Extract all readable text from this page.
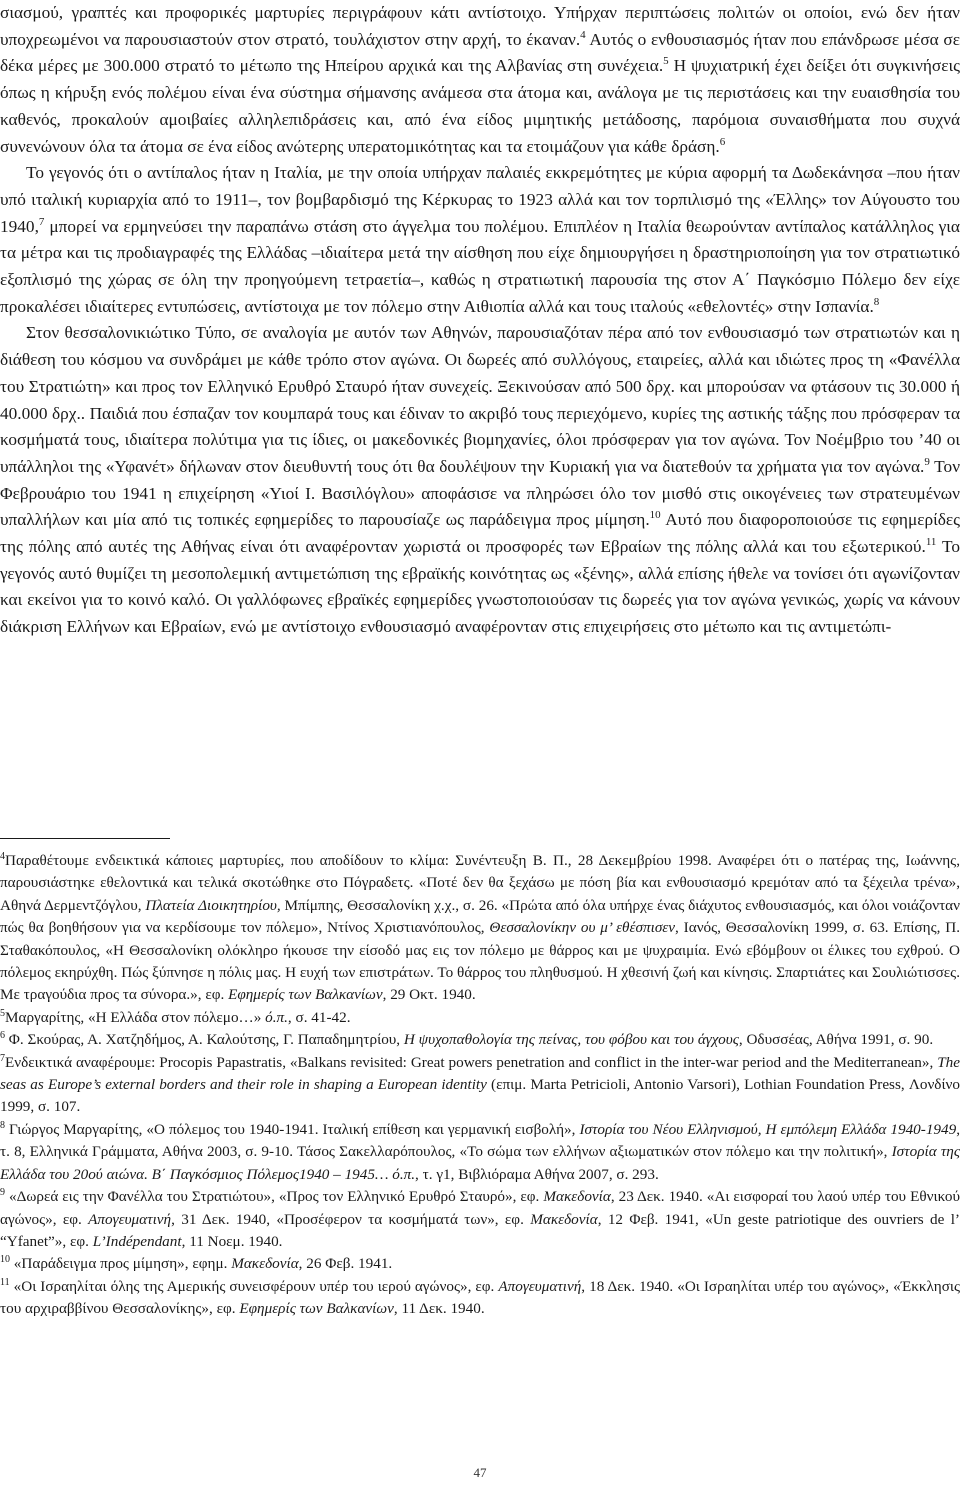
σιασμού, γραπτές και προφορικές μαρτυρίες περιγράφουν κάτι αντίστοιχο. Υπήρχαν περιπτώσεις πολιτών οι οποίοι, ενώ δεν ήταν υποχρεωμένοι να παρουσιαστούν στον στρατό, τουλάχιστον στην αρχή, το έκαναν.$^4$ Αυτός ο ενθουσιασμός ήταν που επάνδρωσε μέσα σε δέκα μέρες με 300.000 στρατό το μέτωπο της Ηπείρου αρχικά και της Αλβανίας στη συνέχεια.$^5$ Η ψυχιατρική έχει δείξει ότι συγκινήσεις όπως η κήρυξη ενός πολέμου είναι ένα σύστημα σήμανσης ανάμεσα στα άτομα και, ανάλογα με τις περιστάσεις και την ευαισθησία του καθενός, προκαλούν αμοιβαίες αλληλεπιδράσεις και, από ένα είδος μιμητικής μετάδοσης, παρόμοια συναισθήματα που συχνά συνενώνουν όλα τα άτομα σε ένα είδος ανώτερης υπερατομικότητας και τα ετοιμάζουν για κάθε δράση.$^6$

Το γεγονός ότι ο αντίπαλος ήταν η Ιταλία, με την οποία υπήρχαν παλαιές εκκρεμότητες με κύρια αφορμή τα Δωδεκάνησα –που ήταν υπό ιταλική κυριαρχία από το 1911–, τον βομβαρδισμό της Κέρκυρας το 1923 αλλά και τον τορπιλισμό της «Έλλης» τον Αύγουστο του 1940,$^7$ μπορεί να ερμηνεύσει την παραπάνω στάση στο άγγελμα του πολέμου. Επιπλέον η Ιταλία θεωρούνταν αντίπαλος κατάλληλος για τα μέτρα και τις προδιαγραφές της Ελλάδας –ιδιαίτερα μετά την αίσθηση που είχε δημιουργήσει η δραστηριοποίηση για τον στρατιωτικό εξοπλισμό της χώρας σε όλη την προηγούμενη τετραετία–, καθώς η στρατιωτική παρουσία της στον Α΄ Παγκόσμιο Πόλεμο δεν είχε προκαλέσει ιδιαίτερες εντυπώσεις, αντίστοιχα με τον πόλεμο στην Αιθιοπία αλλά και τους ιταλούς «εθελοντές» στην Ισπανία.$^8$

Στον θεσσαλονικιώτικο Τύπο, σε αναλογία με αυτόν των Αθηνών, παρουσιαζόταν πέρα από τον ενθουσιασμό των στρατιωτών και η διάθεση του κόσμου να συνδράμει με κάθε τρόπο στον αγώνα. Οι δωρεές από συλλόγους, εταιρείες, αλλά και ιδιώτες προς τη «Φανέλλα του Στρατιώτη» και προς τον Ελληνικό Ερυθρό Σταυρό ήταν συνεχείς. Ξεκινούσαν από 500 δρχ. και μπορούσαν να φτάσουν τις 30.000 ή 40.000 δρχ.. Παιδιά που έσπαζαν τον κουμπαρά τους και έδιναν το ακριβό τους περιεχόμενο, κυρίες της αστικής τάξης που πρόσφεραν τα κοσμήματά τους, ιδιαίτερα πολύτιμα για τις ίδιες, οι μακεδονικές βιομηχανίες, όλοι πρόσφεραν για τον αγώνα. Τον Νοέμβριο του ’40 οι υπάλληλοι της «Υφανέτ» δήλωναν στον διευθυντή τους ότι θα δουλέψουν την Κυριακή για να διατεθούν τα χρήματα για τον αγώνα.$^9$ Τον Φεβρουάριο του 1941 η επιχείρηση «Υιοί Ι. Βασιλόγλου» αποφάσισε να πληρώσει όλο τον μισθό στις οικογένειες των στρατευμένων υπαλλήλων και μία από τις τοπικές εφημερίδες το παρουσίαζε ως παράδειγμα προς μίμηση.$^{10}$ Αυτό που διαφοροποιούσε τις εφημερίδες της πόλης από αυτές της Αθήνας είναι ότι αναφέρονταν χωριστά οι προσφορές των Εβραίων της πόλης αλλά και του εξωτερικού.$^{11}$ Το γεγονός αυτό θυμίζει τη μεσοπολεμική αντιμετώπιση της εβραϊκής κοινότητας ως «ξένης», αλλά επίσης ήθελε να τονίσει ότι αγωνίζονταν και εκείνοι για το κοινό καλό. Οι γαλλόφωνες εβραϊκές εφημερίδες γνωστοποιούσαν τις δωρεές για τον αγώνα γενικώς, χωρίς να κάνουν διάκριση Ελλήνων και Εβραίων, ενώ με αντίστοιχο ενθουσιασμό αναφέρονταν στις επιχειρήσεις στο μέτωπο και τις αντιμετώπι-

$^4$Παραθέτουμε ενδεικτικά κάποιες μαρτυρίες, που αποδίδουν το κλίμα: Συνέντευξη Β. Π., 28 Δεκεμβρίου 1998. Αναφέρει ότι ο πατέρας της, Ιωάννης, παρουσιάστηκε εθελοντικά και τελικά σκοτώθηκε στο Πόγραδετς. «Ποτέ δεν θα ξεχάσω με πόση βία και ενθουσιασμό κρεμόταν από τα ξέχειλα τρένα», Αθηνά Δερμεντζόγλου, Πλατεία Διοικητηρίου, Μπίμπης, Θεσσαλονίκη χ.χ., σ. 26. «Πρώτα από όλα υπήρχε ένας διάχυτος ενθουσιασμός, και όλοι νοιάζονταν πώς θα βοηθήσουν για να κερδίσουμε τον πόλεμο», Ντίνος Χριστιανόπουλος, Θεσσαλονίκην ου μ’ εθέσπισεν, Ιανός, Θεσσαλονίκη 1999, σ. 63. Επίσης, Π. Σταθακόπουλος, «Η Θεσσαλονίκη ολόκληρο ήκουσε την είσοδό μας εις τον πόλεμο με θάρρος και με ψυχραιμία. Ενώ εβόμβουν οι έλικες του εχθρού. Ο πόλεμος εκηρύχθη. Πώς ξύπνησε η πόλις μας. Η ευχή των επιστράτων. Το θάρρος του πληθυσμού. Η χθεσινή ζωή και κίνησις. Σπαρτιάτες και Σουλιώτισσες. Με τραγούδια προς τα σύνορα.», εφ. Εφημερίς των Βαλκανίων, 29 Οκτ. 1940.

$^5$Μαργαρίτης, «Η Ελλάδα στον πόλεμο…» ό.π., σ. 41-42.

$^6$ Φ. Σκούρας, Α. Χατζηδήμος, Α. Καλούτσης, Γ. Παπαδημητρίου, Η ψυχοπαθολογία της πείνας, του φόβου και του άγχους, Οδυσσέας, Αθήνα 1991, σ. 90.

$^7$Ενδεικτικά αναφέρουμε: Procopis Papastratis, «Balkans revisited: Great powers penetration and conflict in the inter-war period and the Mediterranean», The seas as Europe’s external borders and their role in shaping a European identity (επιμ. Marta Petricioli, Antonio Varsori), Lothian Foundation Press, Λονδίνο 1999, σ. 107.

$^8$ Γιώργος Μαργαρίτης, «Ο πόλεμος του 1940-1941. Ιταλική επίθεση και γερμανική εισβολή», Ιστορία του Νέου Ελληνισμού, Η εμπόλεμη Ελλάδα 1940-1949, τ. 8, Ελληνικά Γράμματα, Αθήνα 2003, σ. 9-10. Τάσος Σακελλαρόπουλος, «Το σώμα των ελλήνων αξιωματικών στον πόλεμο και την πολιτική», Ιστορία της Ελλάδα του 20ού αιώνα. Β΄ Παγκόσμιος Πόλεμος1940 – 1945… ό.π., τ. γ1, Βιβλιόραμα Αθήνα 2007, σ. 293.

$^9$ «Δωρεά εις την Φανέλλα του Στρατιώτου», «Προς τον Ελληνικό Ερυθρό Σταυρό», εφ. Μακεδονία, 23 Δεκ. 1940. «Αι εισφοραί του λαού υπέρ του Εθνικού αγώνος», εφ. Απογευματινή, 31 Δεκ. 1940, «Προσέφερον τα κοσμήματά των», εφ. Μακεδονία, 12 Φεβ. 1941, «Un geste patriotique des ouvriers de l’ “Yfanet”», εφ. L’Indépendant, 11 Νοεμ. 1940.

$^{10}$ «Παράδειγμα προς μίμηση», εφημ. Μακεδονία, 26 Φεβ. 1941.

$^{11}$ «Οι Ισραηλίται όλης της Αμερικής συνεισφέρουν υπέρ του ιερού αγώνος», εφ. Απογευματινή, 18 Δεκ. 1940. «Οι Ισραηλίται υπέρ του αγώνος», «Έκκλησις του αρχιραββίνου Θεσσαλονίκης», εφ. Εφημερίς των Βαλκανίων, 11 Δεκ. 1940.

47
